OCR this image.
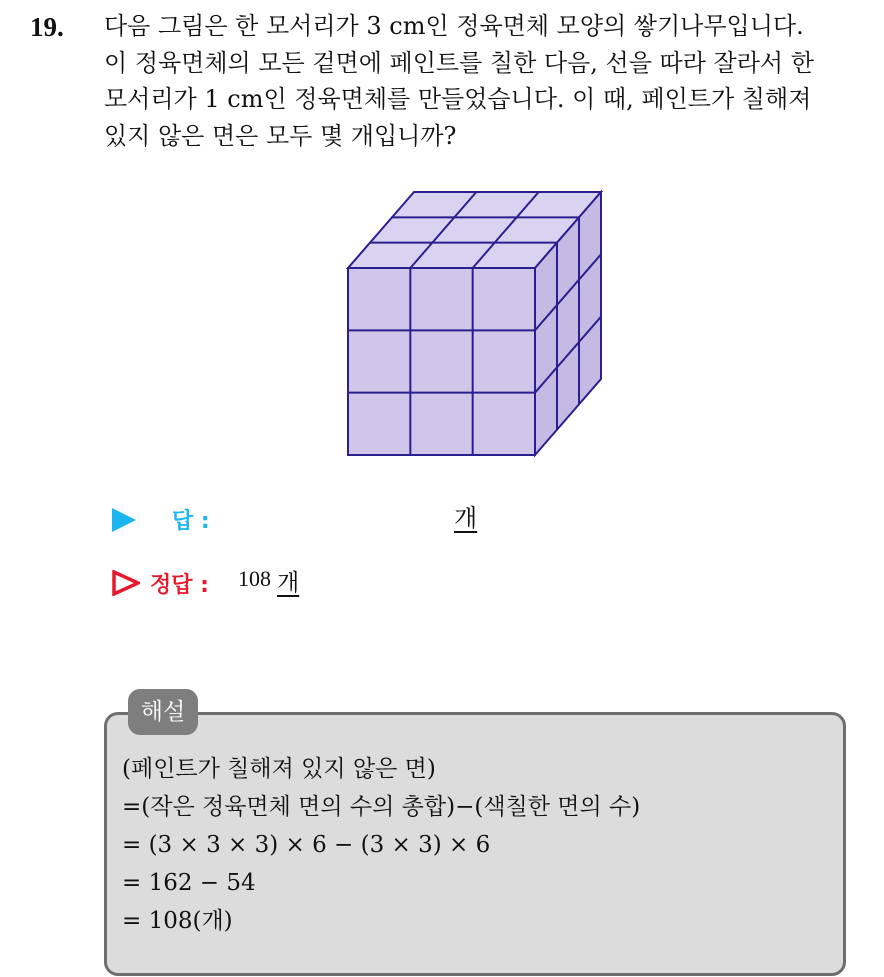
19. 다음 그림은 한 모서리가 3 cm인 정육면체 모양의 쌓기나무입니다.
이 정육면체의 모든 겉면에 페인트를 칠한 다음, 선을 따라 잘라서 한
모서리가 1 cm인 정육면체를 만들었습니다. 이 때, 페인트가 칠해져
있지 않은 면은 모두 몇 개입니까?
답 :	개
정답 : 108 개
해설
(페인트가 칠해져 있지 않은 면)
=(작은 정육면체 면의 수의 총합)−(색칠한 면의 수)
= (3 × 3 × 3) × 6 − (3 × 3) × 6
= 162 − 54
= 108(개)
